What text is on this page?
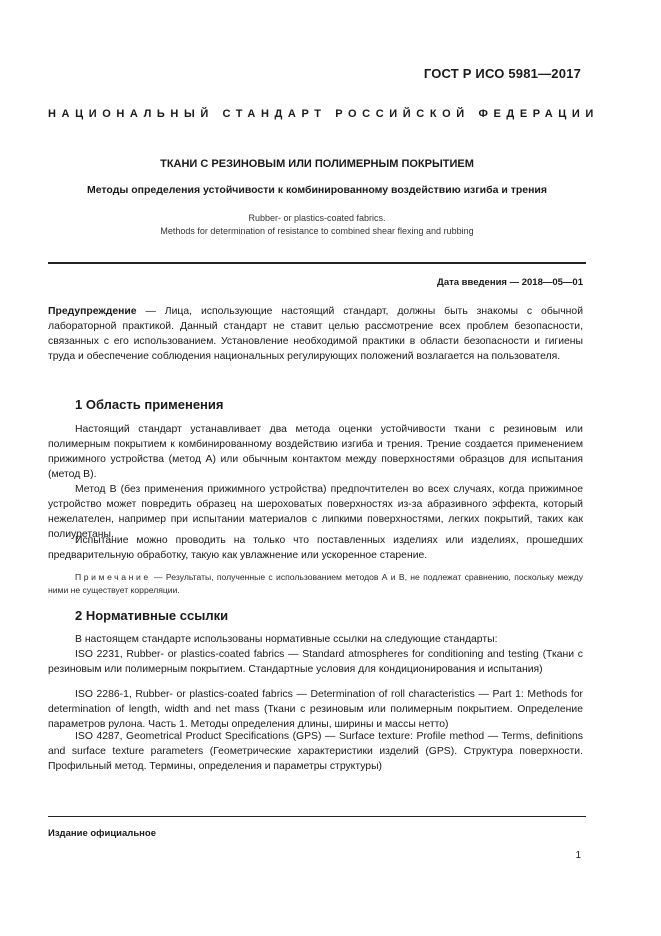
ГОСТ Р ИСО 5981—2017
НАЦИОНАЛЬНЫЙ СТАНДАРТ РОССИЙСКОЙ ФЕДЕРАЦИИ
ТКАНИ С РЕЗИНОВЫМ ИЛИ ПОЛИМЕРНЫМ ПОКРЫТИЕМ
Методы определения устойчивости к комбинированному воздействию изгиба и трения
Rubber- or plastics-coated fabrics.
Methods for determination of resistance to combined shear flexing and rubbing
Дата введения — 2018—05—01
Предупреждение — Лица, использующие настоящий стандарт, должны быть знакомы с обычной лабораторной практикой. Данный стандарт не ставит целью рассмотрение всех проблем безопасности, связанных с его использованием. Установление необходимой практики в области безопасности и гигиены труда и обеспечение соблюдения национальных регулирующих положений возлагается на пользователя.
1 Область применения
Настоящий стандарт устанавливает два метода оценки устойчивости ткани с резиновым или полимерным покрытием к комбинированному воздействию изгиба и трения. Трение создается применением прижимного устройства (метод А) или обычным контактом между поверхностями образцов для испытания (метод В).
Метод В (без применения прижимного устройства) предпочтителен во всех случаях, когда прижимное устройство может повредить образец на шероховатых поверхностях из-за абразивного эффекта, который нежелателен, например при испытании материалов с липкими поверхностями, легких покрытий, таких как полиуретаны.
Испытание можно проводить на только что поставленных изделиях или изделиях, прошедших предварительную обработку, такую как увлажнение или ускоренное старение.
Примечание — Результаты, полученные с использованием методов А и В, не подлежат сравнению, поскольку между ними не существует корреляции.
2 Нормативные ссылки
В настоящем стандарте использованы нормативные ссылки на следующие стандарты:
ISO 2231, Rubber- or plastics-coated fabrics — Standard atmospheres for conditioning and testing (Ткани с резиновым или полимерным покрытием. Стандартные условия для кондиционирования и испытания)
ISO 2286-1, Rubber- or plastics-coated fabrics — Determination of roll characteristics — Part 1: Methods for determination of length, width and net mass (Ткани с резиновым или полимерным покрытием. Определение параметров рулона. Часть 1. Методы определения длины, ширины и массы нетто)
ISO 4287, Geometrical Product Specifications (GPS) — Surface texture: Profile method — Terms, definitions and surface texture parameters (Геометрические характеристики изделий (GPS). Структура поверхности. Профильный метод. Термины, определения и параметры структуры)
Издание официальное
1
